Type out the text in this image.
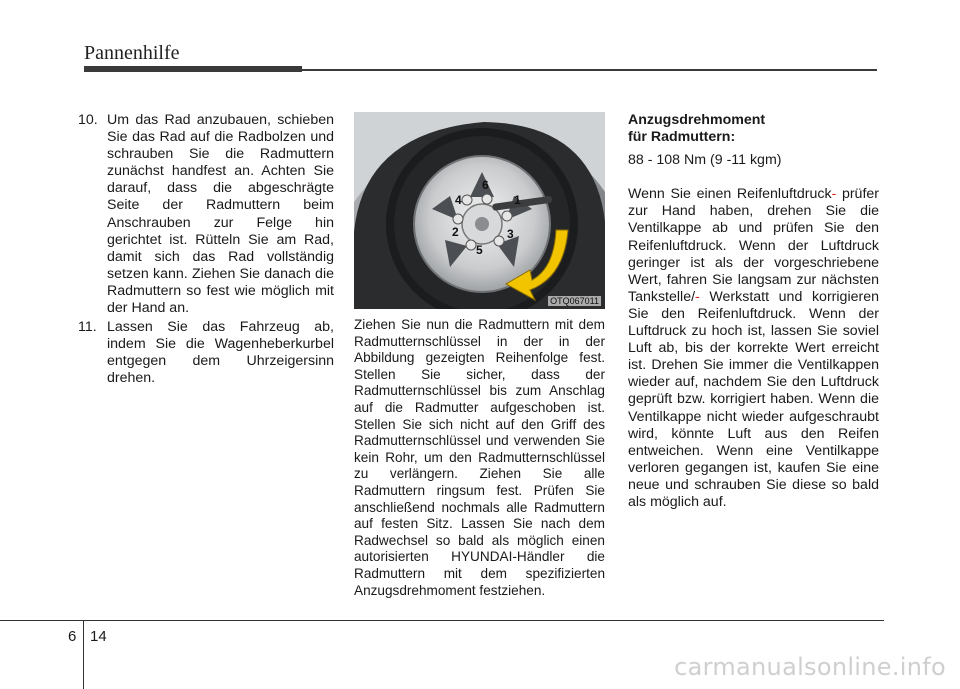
Pannenhilfe
10. Um das Rad anzubauen, schieben Sie das Rad auf die Radbolzen und schrauben Sie die Radmuttern zunächst handfest an. Achten Sie darauf, dass die abgeschrägte Seite der Radmuttern beim Anschrauben zur Felge hin gerichtet ist. Rütteln Sie am Rad, damit sich das Rad vollständig setzen kann. Ziehen Sie danach die Radmuttern so fest wie möglich mit der Hand an.
11. Lassen Sie das Fahrzeug ab, indem Sie die Wagenheberkurbel entgegen dem Uhrzeigersinn drehen.
1
2	3
4
5
6
OTQ067011

Ziehen Sie nun die Radmuttern mit dem Radmutternschlüssel in der in der Abbildung gezeigten Reihenfolge fest. Stellen Sie sicher, dass der Radmutternschlüssel bis zum Anschlag auf die Radmutter aufgeschoben ist. Stellen Sie sich nicht auf den Griff des Radmutternschlüssel und verwenden Sie kein Rohr, um den Radmutternschlüssel zu verlängern. Ziehen Sie alle Radmuttern ringsum fest. Prüfen Sie anschließend nochmals alle Radmuttern auf festen Sitz. Lassen Sie nach dem Radwechsel so bald als möglich einen autorisierten HYUNDAI-Händler die Radmuttern mit dem spezifizierten Anzugsdrehmoment festziehen.

Anzugsdrehmoment
für Radmuttern:

88 - 108 Nm (9 -11 kgm)

Wenn Sie einen Reifenluftdruck- prüfer zur Hand haben, drehen Sie die Ventilkappe ab und prüfen Sie den Reifenluftdruck. Wenn der Luftdruck geringer ist als der vorgeschriebene Wert, fahren Sie langsam zur nächsten Tankstelle/- Werkstatt und korrigieren Sie den Reifenluftdruck. Wenn der Luftdruck zu hoch ist, lassen Sie soviel Luft ab, bis der korrekte Wert erreicht ist. Drehen Sie immer die Ventilkappen wieder auf, nachdem Sie den Luftdruck geprüft bzw. korrigiert haben. Wenn die Ventilkappe nicht wieder aufgeschraubt wird, könnte Luft aus den Reifen entweichen. Wenn eine Ventilkappe verloren gegangen ist, kaufen Sie eine neue und schrauben Sie diese so bald als möglich auf.

6 14
carmanualsonline.info
